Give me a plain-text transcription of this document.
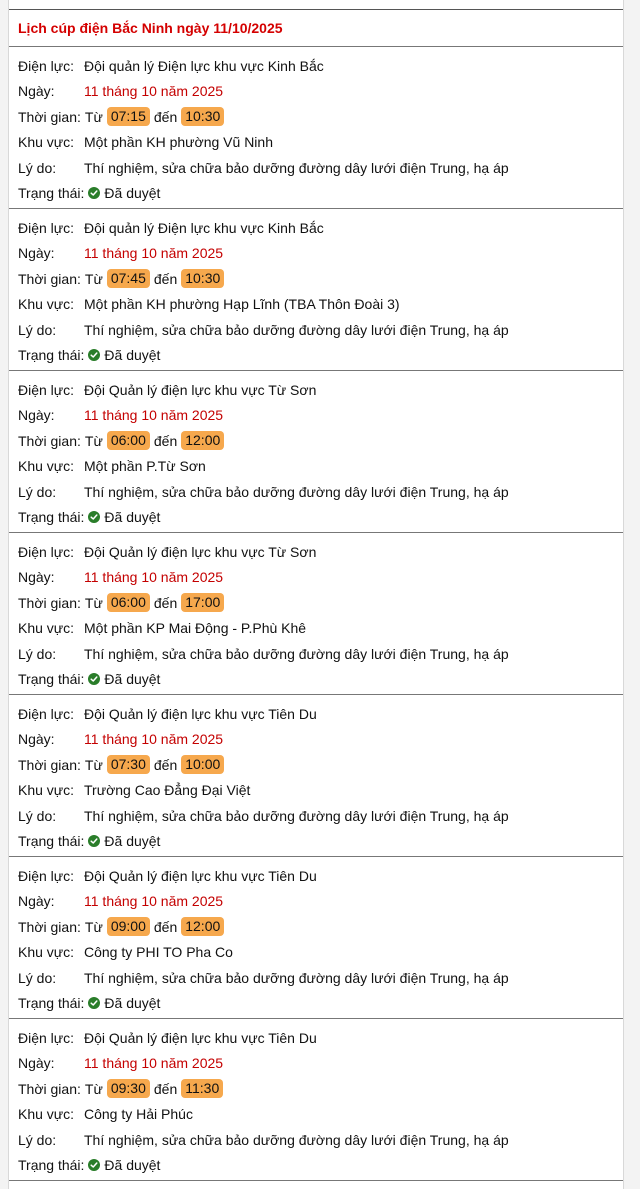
Lịch cúp điện Bắc Ninh ngày 11/10/2025
Điện lực: Đội quản lý Điện lực khu vực Kinh Bắc
Ngày:	11 tháng 10 năm 2025
Thời gian: Từ 07:15 đến 10:30
Khu vực: Một phần KH phường Vũ Ninh
Lý do:	Thí nghiệm, sửa chữa bảo dưỡng đường dây lưới điện Trung, hạ áp
Trạng thái: Đã duyệt
Điện lực: Đội quản lý Điện lực khu vực Kinh Bắc
Ngày:	11 tháng 10 năm 2025
Thời gian: Từ 07:45 đến 10:30
Khu vực: Một phần KH phường Hạp Lĩnh (TBA Thôn Đoài 3)
Lý do:	Thí nghiệm, sửa chữa bảo dưỡng đường dây lưới điện Trung, hạ áp
Trạng thái: Đã duyệt
Điện lực: Đội Quản lý điện lực khu vực Từ Sơn
Ngày:	11 tháng 10 năm 2025
Thời gian: Từ 06:00 đến 12:00
Khu vực: Một phần P.Từ Sơn
Lý do:	Thí nghiệm, sửa chữa bảo dưỡng đường dây lưới điện Trung, hạ áp
Trạng thái: Đã duyệt
Điện lực: Đội Quản lý điện lực khu vực Từ Sơn
Ngày:	11 tháng 10 năm 2025
Thời gian: Từ 06:00 đến 17:00
Khu vực: Một phần KP Mai Động - P.Phù Khê
Lý do:	Thí nghiệm, sửa chữa bảo dưỡng đường dây lưới điện Trung, hạ áp
Trạng thái: Đã duyệt
Điện lực: Đội Quản lý điện lực khu vực Tiên Du
Ngày:	11 tháng 10 năm 2025
Thời gian: Từ 07:30 đến 10:00
Khu vực: Trường Cao Đẳng Đại Việt
Lý do:	Thí nghiệm, sửa chữa bảo dưỡng đường dây lưới điện Trung, hạ áp
Trạng thái: Đã duyệt
Điện lực: Đội Quản lý điện lực khu vực Tiên Du
Ngày:	11 tháng 10 năm 2025
Thời gian: Từ 09:00 đến 12:00
Khu vực: Công ty PHI TO Pha Co
Lý do:	Thí nghiệm, sửa chữa bảo dưỡng đường dây lưới điện Trung, hạ áp
Trạng thái: Đã duyệt
Điện lực: Đội Quản lý điện lực khu vực Tiên Du
Ngày:	11 tháng 10 năm 2025
Thời gian: Từ 09:30 đến 11:30
Khu vực: Công ty Hải Phúc
Lý do:	Thí nghiệm, sửa chữa bảo dưỡng đường dây lưới điện Trung, hạ áp
Trạng thái: Đã duyệt
